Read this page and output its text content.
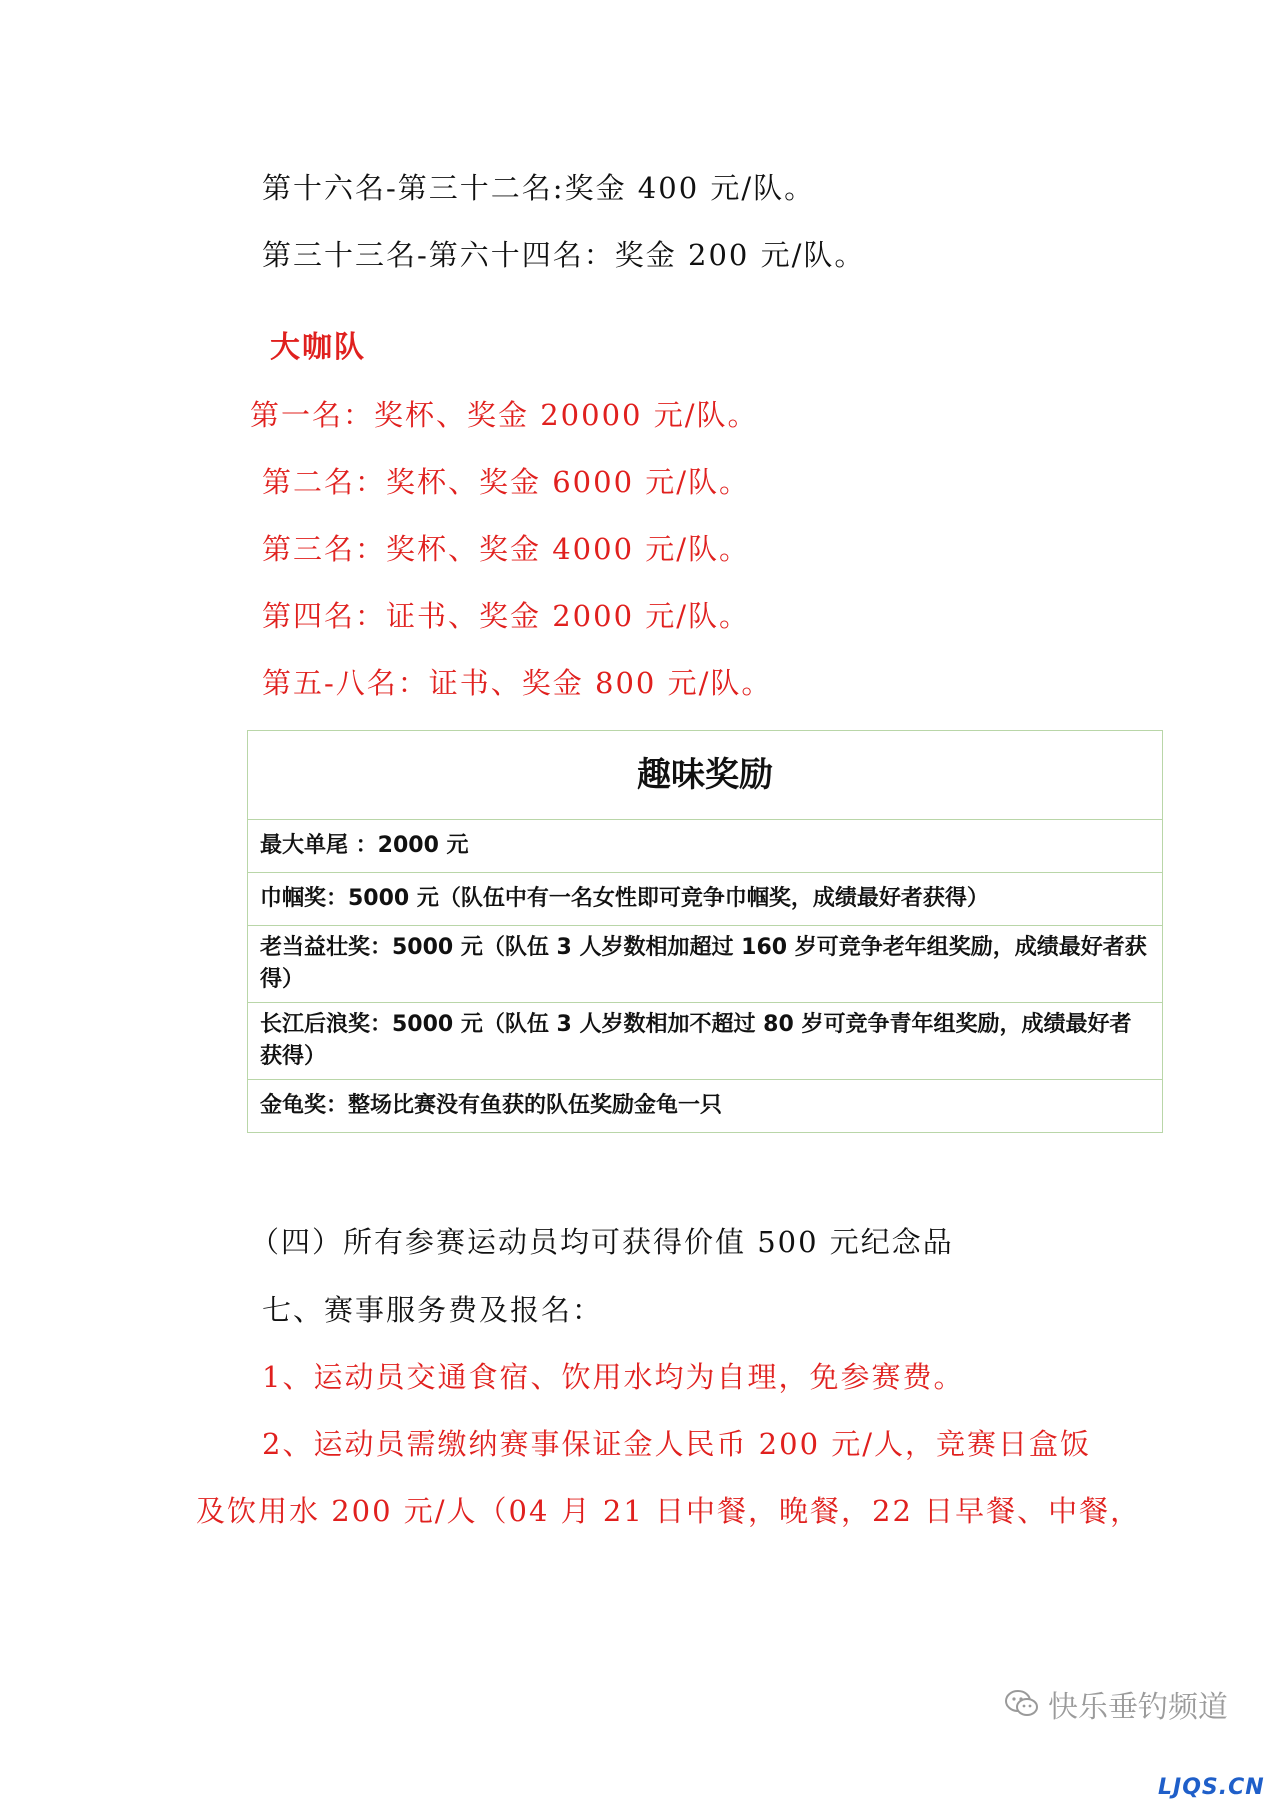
第十六名-第三十二名:奖金 400 元/队。
第三十三名-第六十四名：奖金 200 元/队。
大咖队
第一名：奖杯、奖金 20000 元/队。
第二名：奖杯、奖金 6000 元/队。
第三名：奖杯、奖金 4000 元/队。
第四名：证书、奖金 2000 元/队。
第五-八名：证书、奖金 800 元/队。
趣味奖励
最大单尾 ：2000 元
巾帼奖：5000 元（队伍中有一名女性即可竞争巾帼奖，成绩最好者获得）
老当益壮奖：5000 元（队伍 3 人岁数相加超过 160 岁可竞争老年组奖励，成绩最好者获得）
长江后浪奖：5000 元（队伍 3 人岁数相加不超过 80 岁可竞争青年组奖励，成绩最好者获得）
金龟奖：整场比赛没有鱼获的队伍奖励金龟一只
（四）所有参赛运动员均可获得价值 500 元纪念品
七、赛事服务费及报名：
1、运动员交通食宿、饮用水均为自理，免参赛费。
2、运动员需缴纳赛事保证金人民币 200 元/人，竞赛日盒饭
及饮用水 200 元/人（04 月 21 日中餐，晚餐，22 日早餐、中餐，
快乐垂钓频道
LJQS.CN
